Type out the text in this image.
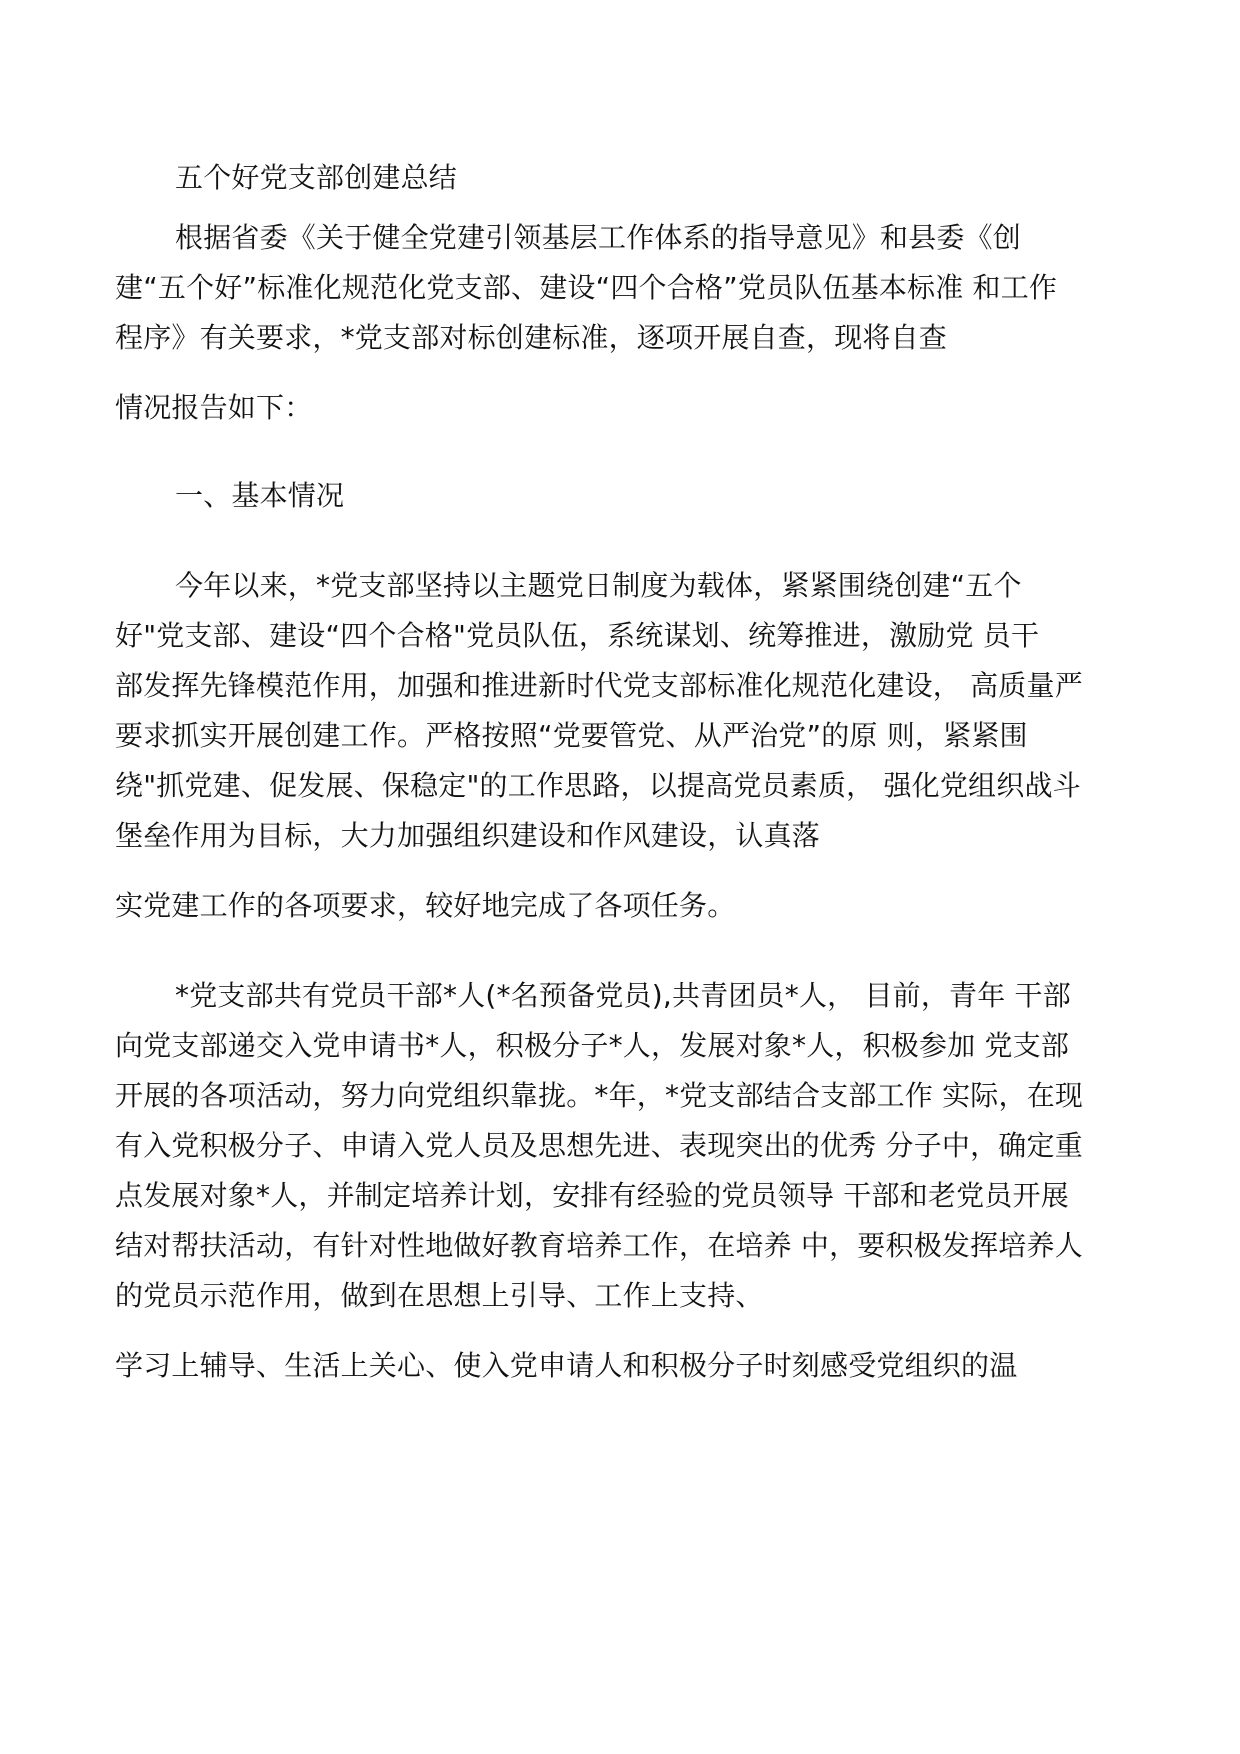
五个好党支部创建总结
根据省委《关于健全党建引领基层工作体系的指导意见》和县委《创
建“五个好”标准化规范化党支部、建设“四个合格”党员队伍基本标准 和工作
程序》有关要求，*党支部对标创建标准，逐项开展自查，现将自查
情况报告如下：
一、基本情况
今年以来，*党支部坚持以主题党日制度为载体，紧紧围绕创建“五个
好"党支部、建设“四个合格"党员队伍，系统谋划、统筹推进，激励党 员干
部发挥先锋模范作用，加强和推进新时代党支部标准化规范化建设， 高质量严
要求抓实开展创建工作。严格按照“党要管党、从严治党”的原 则，紧紧围
绕"抓党建、促发展、保稳定"的工作思路，以提高党员素质， 强化党组织战斗
堡垒作用为目标，大力加强组织建设和作风建设，认真落
实党建工作的各项要求，较好地完成了各项任务。
*党支部共有党员干部*人(*名预备党员),共青团员*人， 目前，青年 干部
向党支部递交入党申请书*人，积极分子*人，发展对象*人，积极参加 党支部
开展的各项活动，努力向党组织靠拢。*年，*党支部结合支部工作 实际，在现
有入党积极分子、申请入党人员及思想先进、表现突出的优秀 分子中，确定重
点发展对象*人，并制定培养计划，安排有经验的党员领导 干部和老党员开展
结对帮扶活动，有针对性地做好教育培养工作，在培养 中，要积极发挥培养人
的党员示范作用，做到在思想上引导、工作上支持、
学习上辅导、生活上关心、使入党申请人和积极分子时刻感受党组织的温
